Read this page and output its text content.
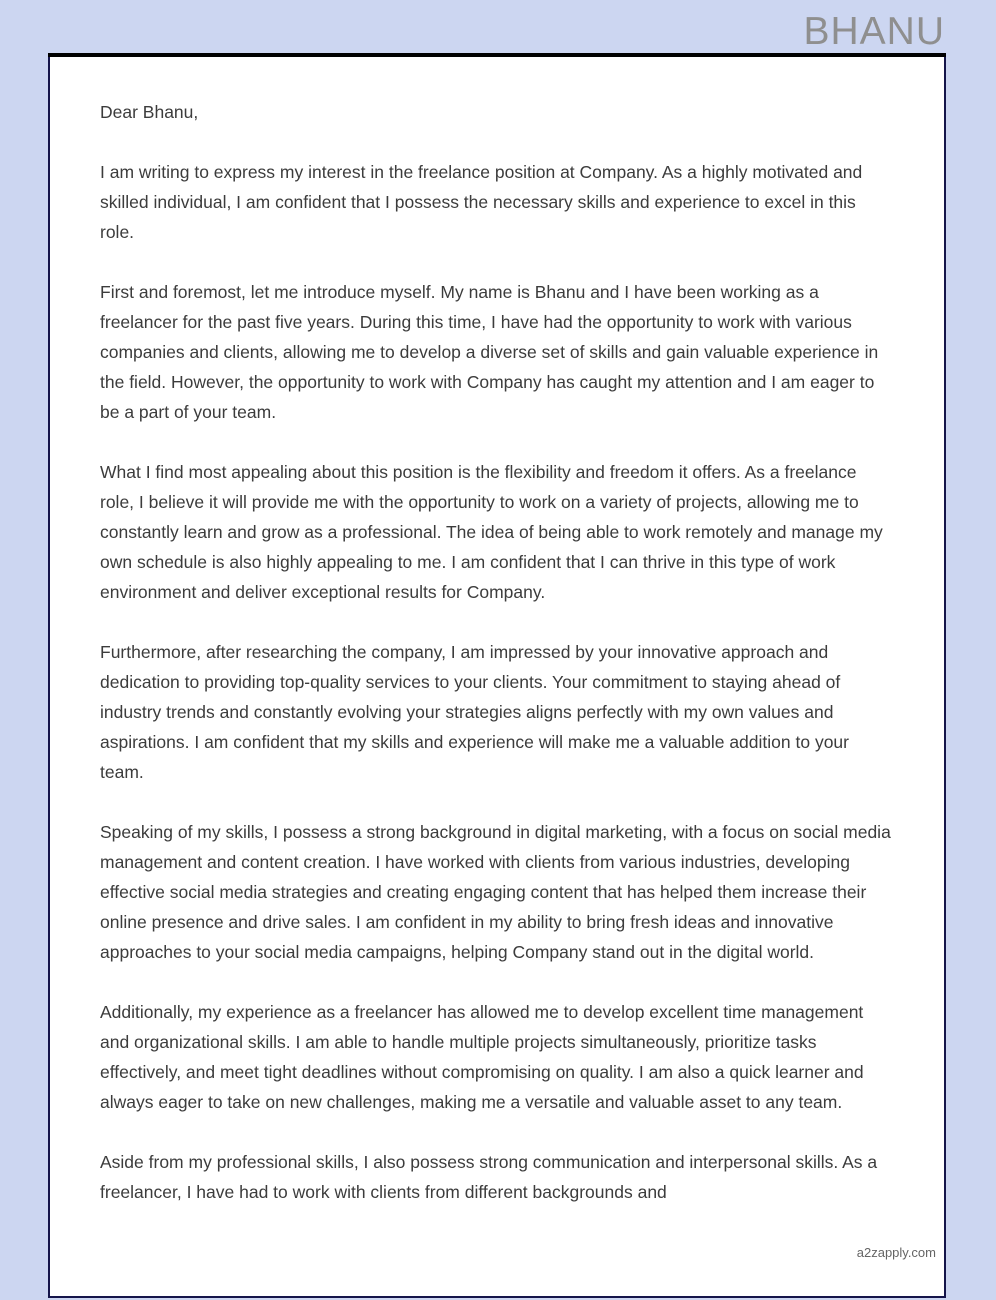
BHANU

Dear Bhanu,

I am writing to express my interest in the freelance position at Company. As a highly motivated and skilled individual, I am confident that I possess the necessary skills and experience to excel in this role.

First and foremost, let me introduce myself. My name is Bhanu and I have been working as a freelancer for the past five years. During this time, I have had the opportunity to work with various companies and clients, allowing me to develop a diverse set of skills and gain valuable experience in the field. However, the opportunity to work with Company has caught my attention and I am eager to be a part of your team.

What I find most appealing about this position is the flexibility and freedom it offers. As a freelance role, I believe it will provide me with the opportunity to work on a variety of projects, allowing me to constantly learn and grow as a professional. The idea of being able to work remotely and manage my own schedule is also highly appealing to me. I am confident that I can thrive in this type of work environment and deliver exceptional results for Company.

Furthermore, after researching the company, I am impressed by your innovative approach and dedication to providing top-quality services to your clients. Your commitment to staying ahead of industry trends and constantly evolving your strategies aligns perfectly with my own values and aspirations. I am confident that my skills and experience will make me a valuable addition to your team.

Speaking of my skills, I possess a strong background in digital marketing, with a focus on social media management and content creation. I have worked with clients from various industries, developing effective social media strategies and creating engaging content that has helped them increase their online presence and drive sales. I am confident in my ability to bring fresh ideas and innovative approaches to your social media campaigns, helping Company stand out in the digital world.

Additionally, my experience as a freelancer has allowed me to develop excellent time management and organizational skills. I am able to handle multiple projects simultaneously, prioritize tasks effectively, and meet tight deadlines without compromising on quality. I am also a quick learner and always eager to take on new challenges, making me a versatile and valuable asset to any team.

Aside from my professional skills, I also possess strong communication and interpersonal skills. As a freelancer, I have had to work with clients from different backgrounds and

a2zapply.com
